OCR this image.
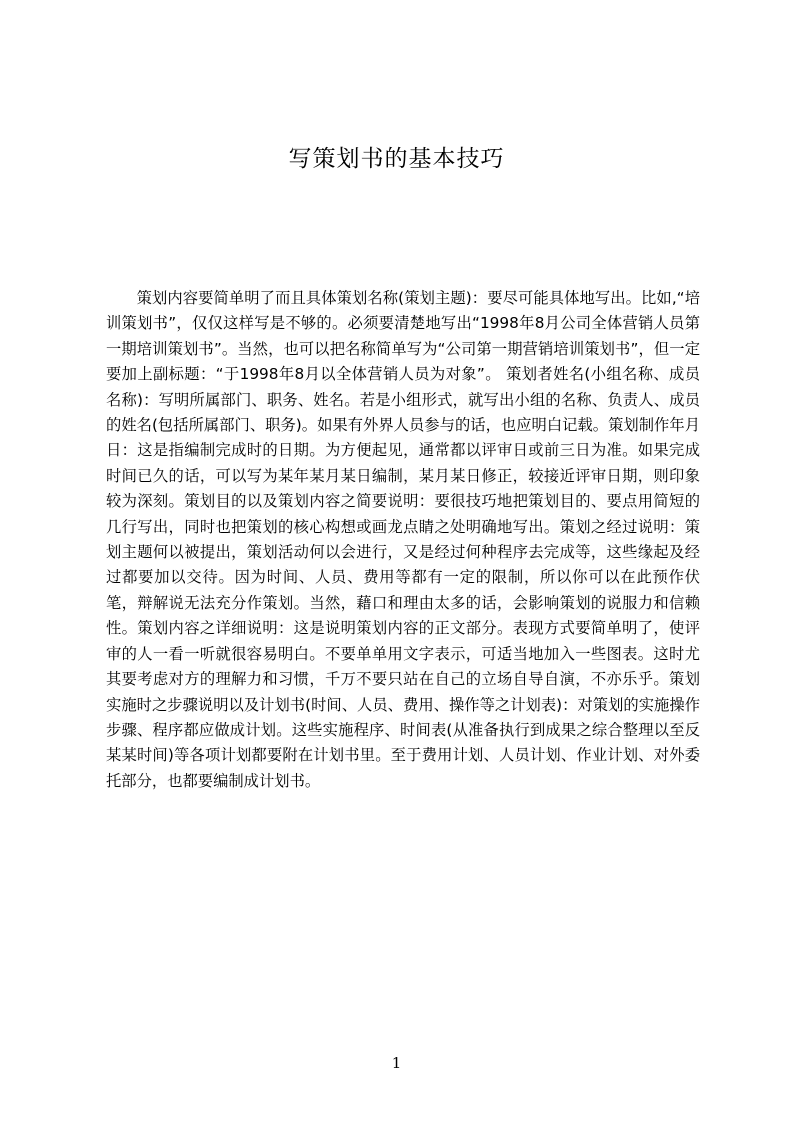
写策划书的基本技巧

策划内容要简单明了而且具体策划名称(策划主题)：要尽可能具体地写出。比如,“培训策划书”，仅仅这样写是不够的。必须要清楚地写出“1998年8月公司全体营销人员第一期培训策划书”。当然，也可以把名称简单写为“公司第一期营销培训策划书”，但一定要加上副标题：“于1998年8月以全体营销人员为对象”。 策划者姓名(小组名称、成员名称)：写明所属部门、职务、姓名。若是小组形式，就写出小组的名称、负责人、成员的姓名(包括所属部门、职务)。如果有外界人员参与的话，也应明白记载。策划制作年月日：这是指编制完成时的日期。为方便起见，通常都以评审日或前三日为准。如果完成时间已久的话，可以写为某年某月某日编制，某月某日修正，较接近评审日期，则印象较为深刻。策划目的以及策划内容之简要说明：要很技巧地把策划目的、要点用简短的几行写出，同时也把策划的核心构想或画龙点睛之处明确地写出。策划之经过说明：策划主题何以被提出，策划活动何以会进行，又是经过何种程序去完成等，这些缘起及经过都要加以交待。因为时间、人员、费用等都有一定的限制，所以你可以在此预作伏笔，辩解说无法充分作策划。当然，藉口和理由太多的话，会影响策划的说服力和信赖性。策划内容之详细说明：这是说明策划内容的正文部分。表现方式要简单明了，使评审的人一看一听就很容易明白。不要单单用文字表示，可适当地加入一些图表。这时尤其要考虑对方的理解力和习惯，千万不要只站在自己的立场自导自演，不亦乐乎。策划实施时之步骤说明以及计划书(时间、人员、费用、操作等之计划表)：对策划的实施操作步骤、程序都应做成计划。这些实施程序、时间表(从准备执行到成果之综合整理以至反某某时间)等各项计划都要附在计划书里。至于费用计划、人员计划、作业计划、对外委托部分，也都要编制成计划书。

1
